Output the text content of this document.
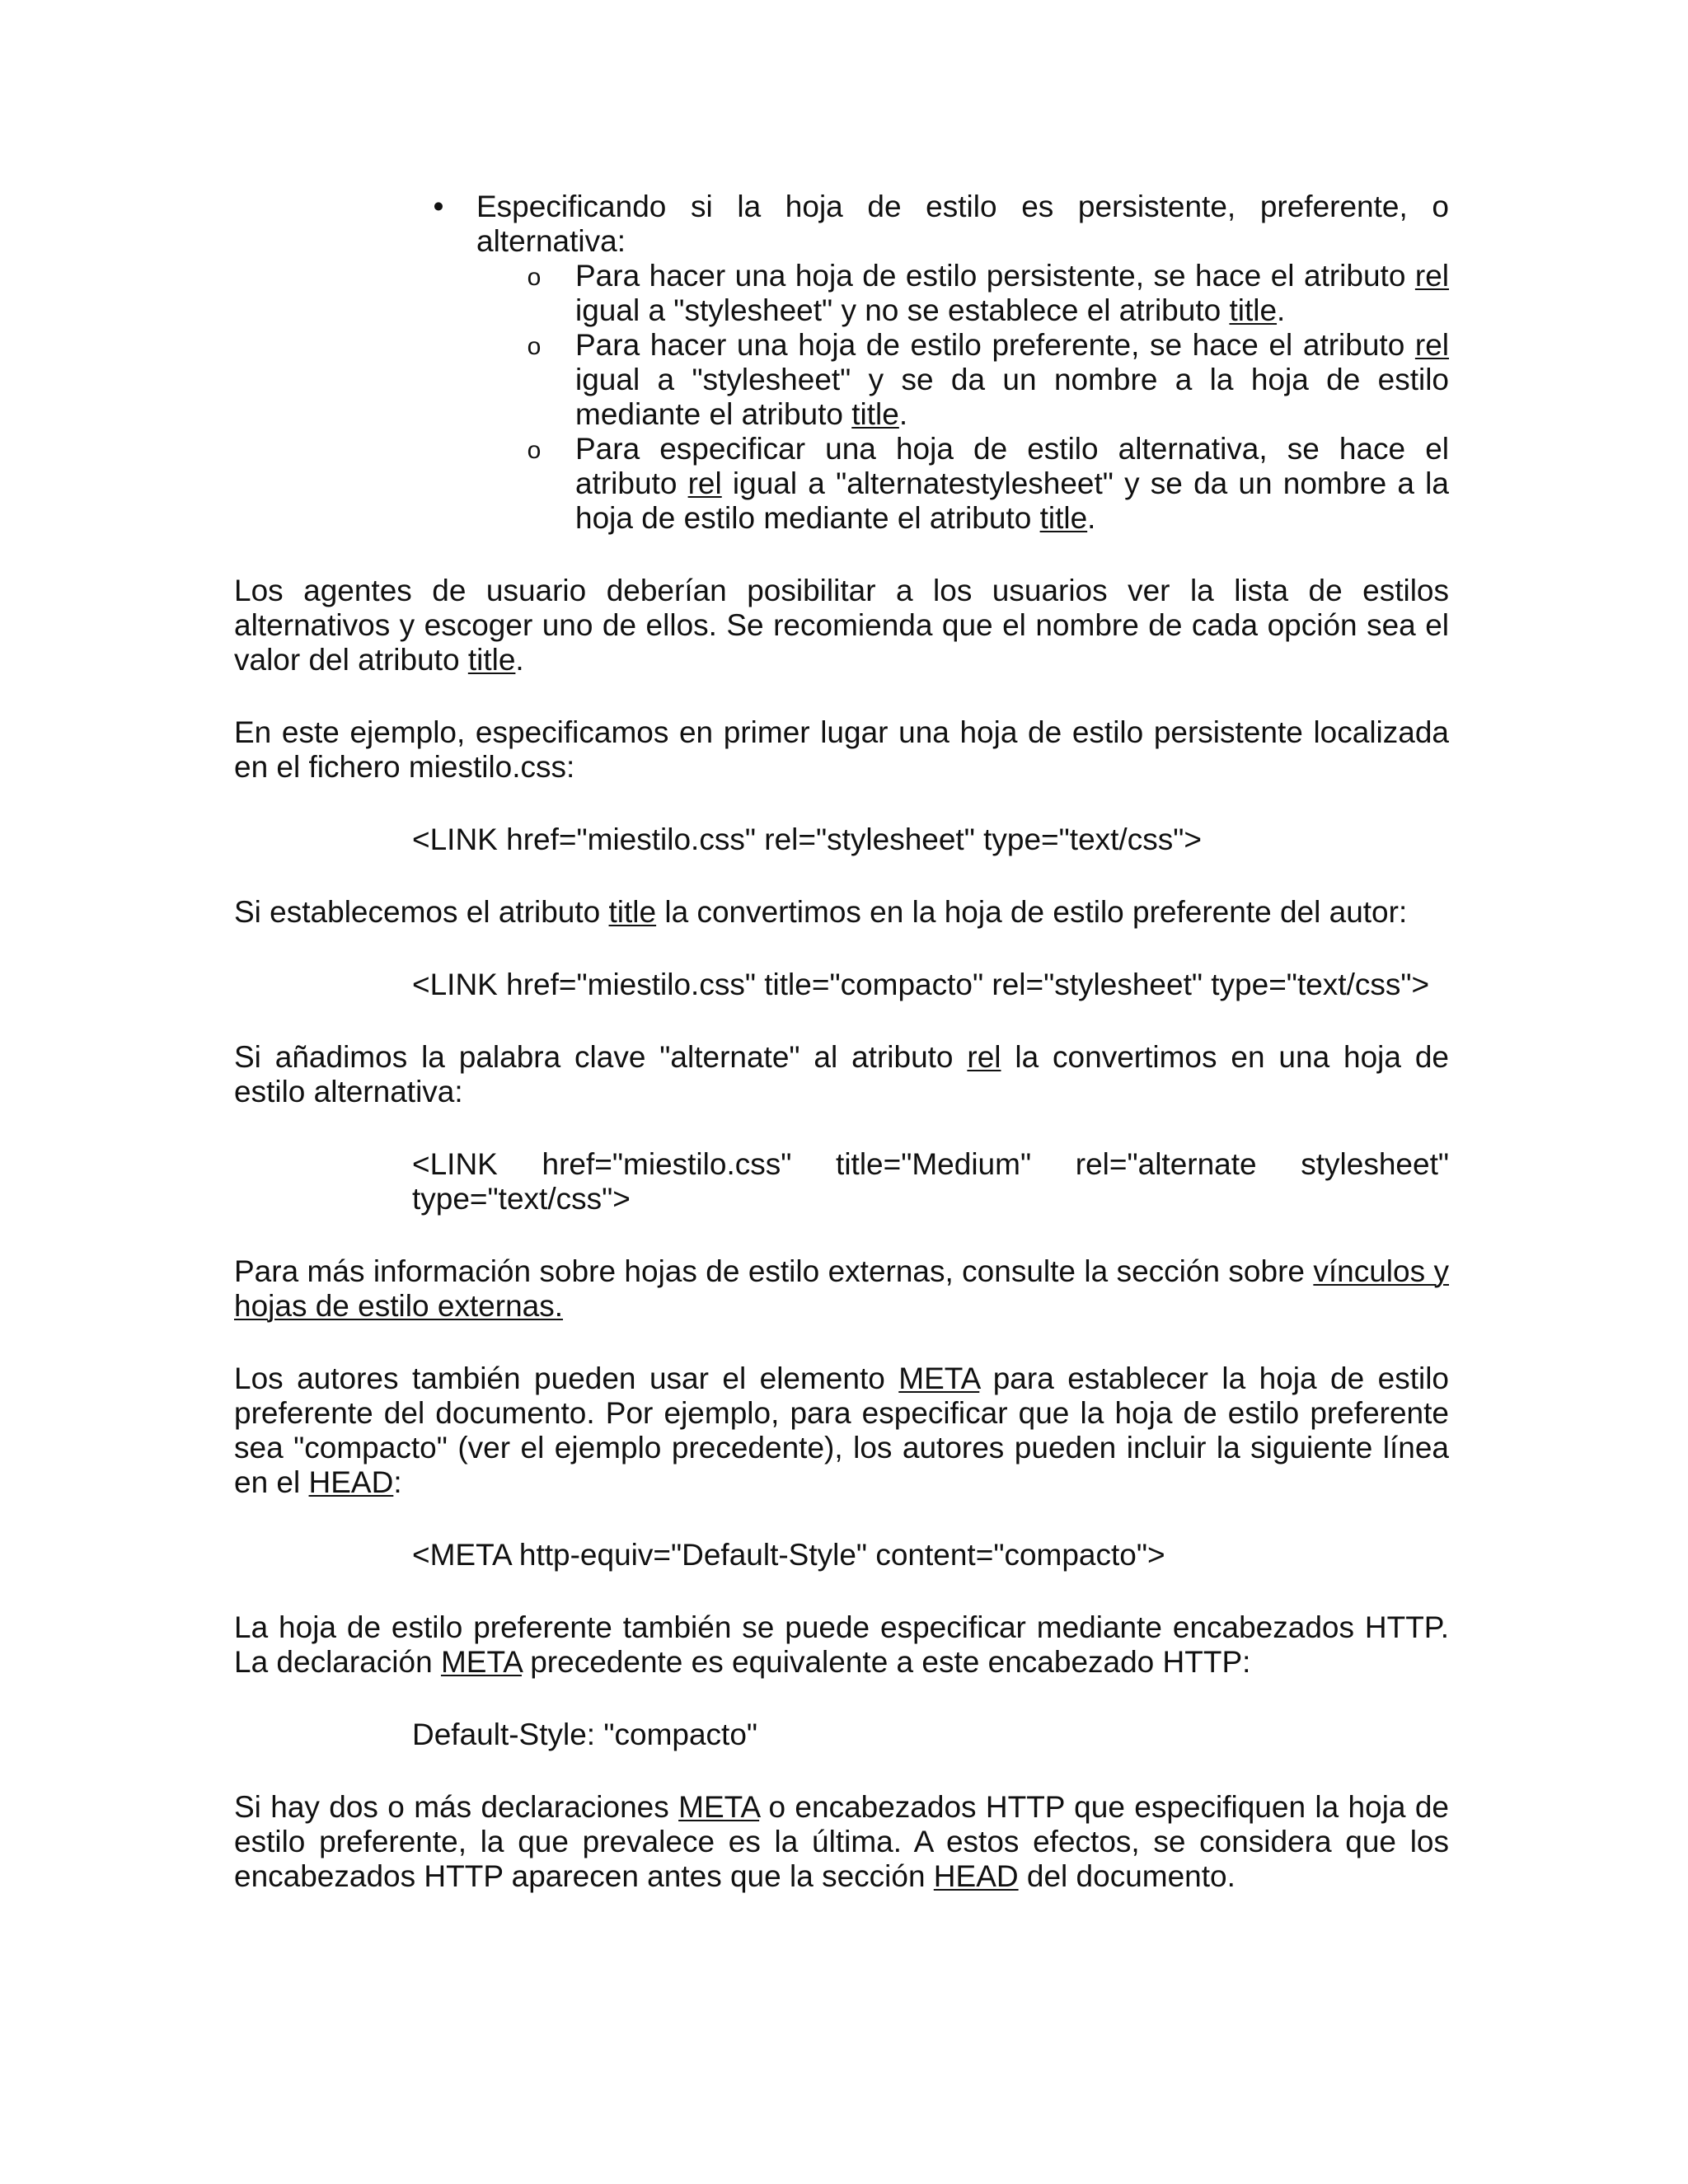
• Especificando si la hoja de estilo es persistente, preferente, o alternativa:
o Para hacer una hoja de estilo persistente, se hace el atributo rel igual a "stylesheet" y no se establece el atributo title.
o Para hacer una hoja de estilo preferente, se hace el atributo rel igual a "stylesheet" y se da un nombre a la hoja de estilo mediante el atributo title.
o Para especificar una hoja de estilo alternativa, se hace el atributo rel igual a "alternatestylesheet" y se da un nombre a la hoja de estilo mediante el atributo title.

Los agentes de usuario deberían posibilitar a los usuarios ver la lista de estilos alternativos y escoger uno de ellos. Se recomienda que el nombre de cada opción sea el valor del atributo title.

En este ejemplo, especificamos en primer lugar una hoja de estilo persistente localizada en el fichero miestilo.css:

<LINK href="miestilo.css" rel="stylesheet" type="text/css">

Si establecemos el atributo title la convertimos en la hoja de estilo preferente del autor:

<LINK href="miestilo.css" title="compacto" rel="stylesheet" type="text/css">

Si añadimos la palabra clave "alternate" al atributo rel la convertimos en una hoja de estilo alternativa:

<LINK href="miestilo.css" title="Medium" rel="alternate stylesheet"
type="text/css">

Para más información sobre hojas de estilo externas, consulte la sección sobre vínculos y hojas de estilo externas.

Los autores también pueden usar el elemento META para establecer la hoja de estilo preferente del documento. Por ejemplo, para especificar que la hoja de estilo preferente sea "compacto" (ver el ejemplo precedente), los autores pueden incluir la siguiente línea en el HEAD:

<META http-equiv="Default-Style" content="compacto">

La hoja de estilo preferente también se puede especificar mediante encabezados HTTP. La declaración META precedente es equivalente a este encabezado HTTP:

Default-Style: "compacto"

Si hay dos o más declaraciones META o encabezados HTTP que especifiquen la hoja de estilo preferente, la que prevalece es la última. A estos efectos, se considera que los encabezados HTTP aparecen antes que la sección HEAD del documento.
